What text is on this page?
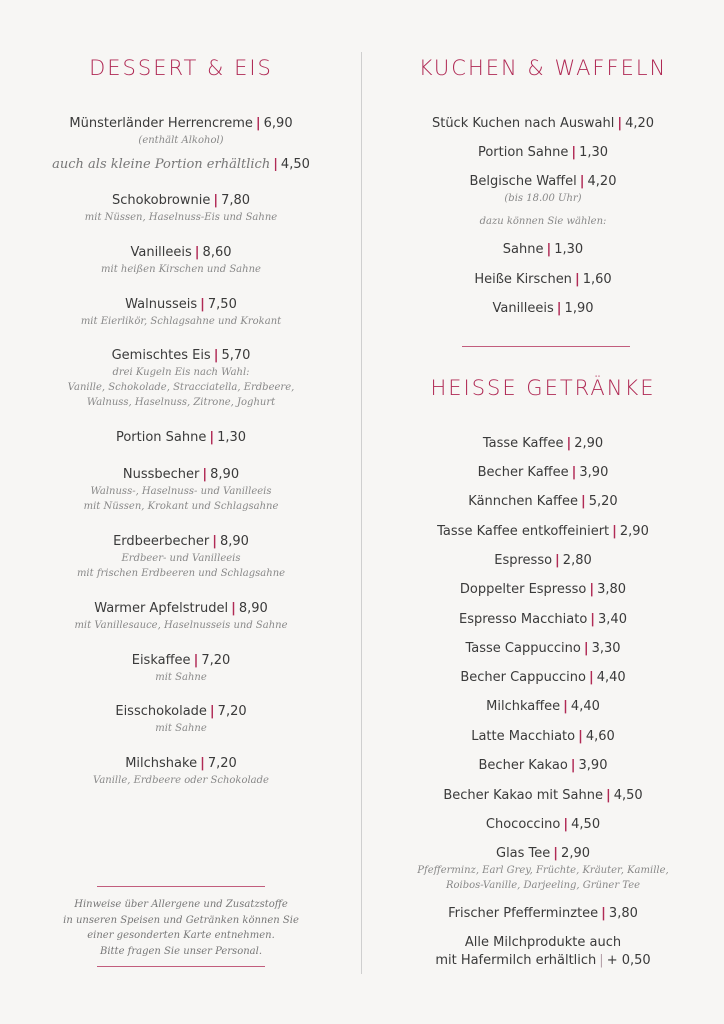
DESSERT & EIS
Münsterländer Herrencreme | 6,90
(enthält Alkohol)
auch als kleine Portion erhältlich | 4,50
Schokobrownie | 7,80
mit Nüssen, Haselnuss-Eis und Sahne
Vanilleeis | 8,60
mit heißen Kirschen und Sahne
Walnusseis | 7,50
mit Eierlikör, Schlagsahne und Krokant
Gemischtes Eis | 5,70
drei Kugeln Eis nach Wahl:
Vanille, Schokolade, Stracciatella, Erdbeere,
Walnuss, Haselnuss, Zitrone, Joghurt
Portion Sahne | 1,30
Nussbecher | 8,90
Walnuss-, Haselnuss- und Vanilleeis
mit Nüssen, Krokant und Schlagsahne
Erdbeerbecher | 8,90
Erdbeer- und Vanilleeis
mit frischen Erdbeeren und Schlagsahne
Warmer Apfelstrudel | 8,90
mit Vanillesauce, Haselnusseis und Sahne
Eiskaffee | 7,20
mit Sahne
Eisschokolade | 7,20
mit Sahne
Milchshake | 7,20
Vanille, Erdbeere oder Schokolade
Hinweise über Allergene und Zusatzstoffe
in unseren Speisen und Getränken können Sie
einer gesonderten Karte entnehmen.
Bitte fragen Sie unser Personal.
KUCHEN & WAFFELN
Stück Kuchen nach Auswahl | 4,20
Portion Sahne | 1,30
Belgische Waffel | 4,20
(bis 18.00 Uhr)
dazu können Sie wählen:
Sahne | 1,30
Heiße Kirschen | 1,60
Vanilleeis | 1,90
HEISSE GETRÄNKE
Tasse Kaffee | 2,90
Becher Kaffee | 3,90
Kännchen Kaffee | 5,20
Tasse Kaffee entkoffeiniert | 2,90
Espresso | 2,80
Doppelter Espresso | 3,80
Espresso Macchiato | 3,40
Tasse Cappuccino | 3,30
Becher Cappuccino | 4,40
Milchkaffee | 4,40
Latte Macchiato | 4,60
Becher Kakao | 3,90
Becher Kakao mit Sahne | 4,50
Chococcino | 4,50
Glas Tee | 2,90
Pfefferminz, Earl Grey, Früchte, Kräuter, Kamille,
Roibos-Vanille, Darjeeling, Grüner Tee
Frischer Pfefferminztee | 3,80
Alle Milchprodukte auch
mit Hafermilch erhältlich | + 0,50
